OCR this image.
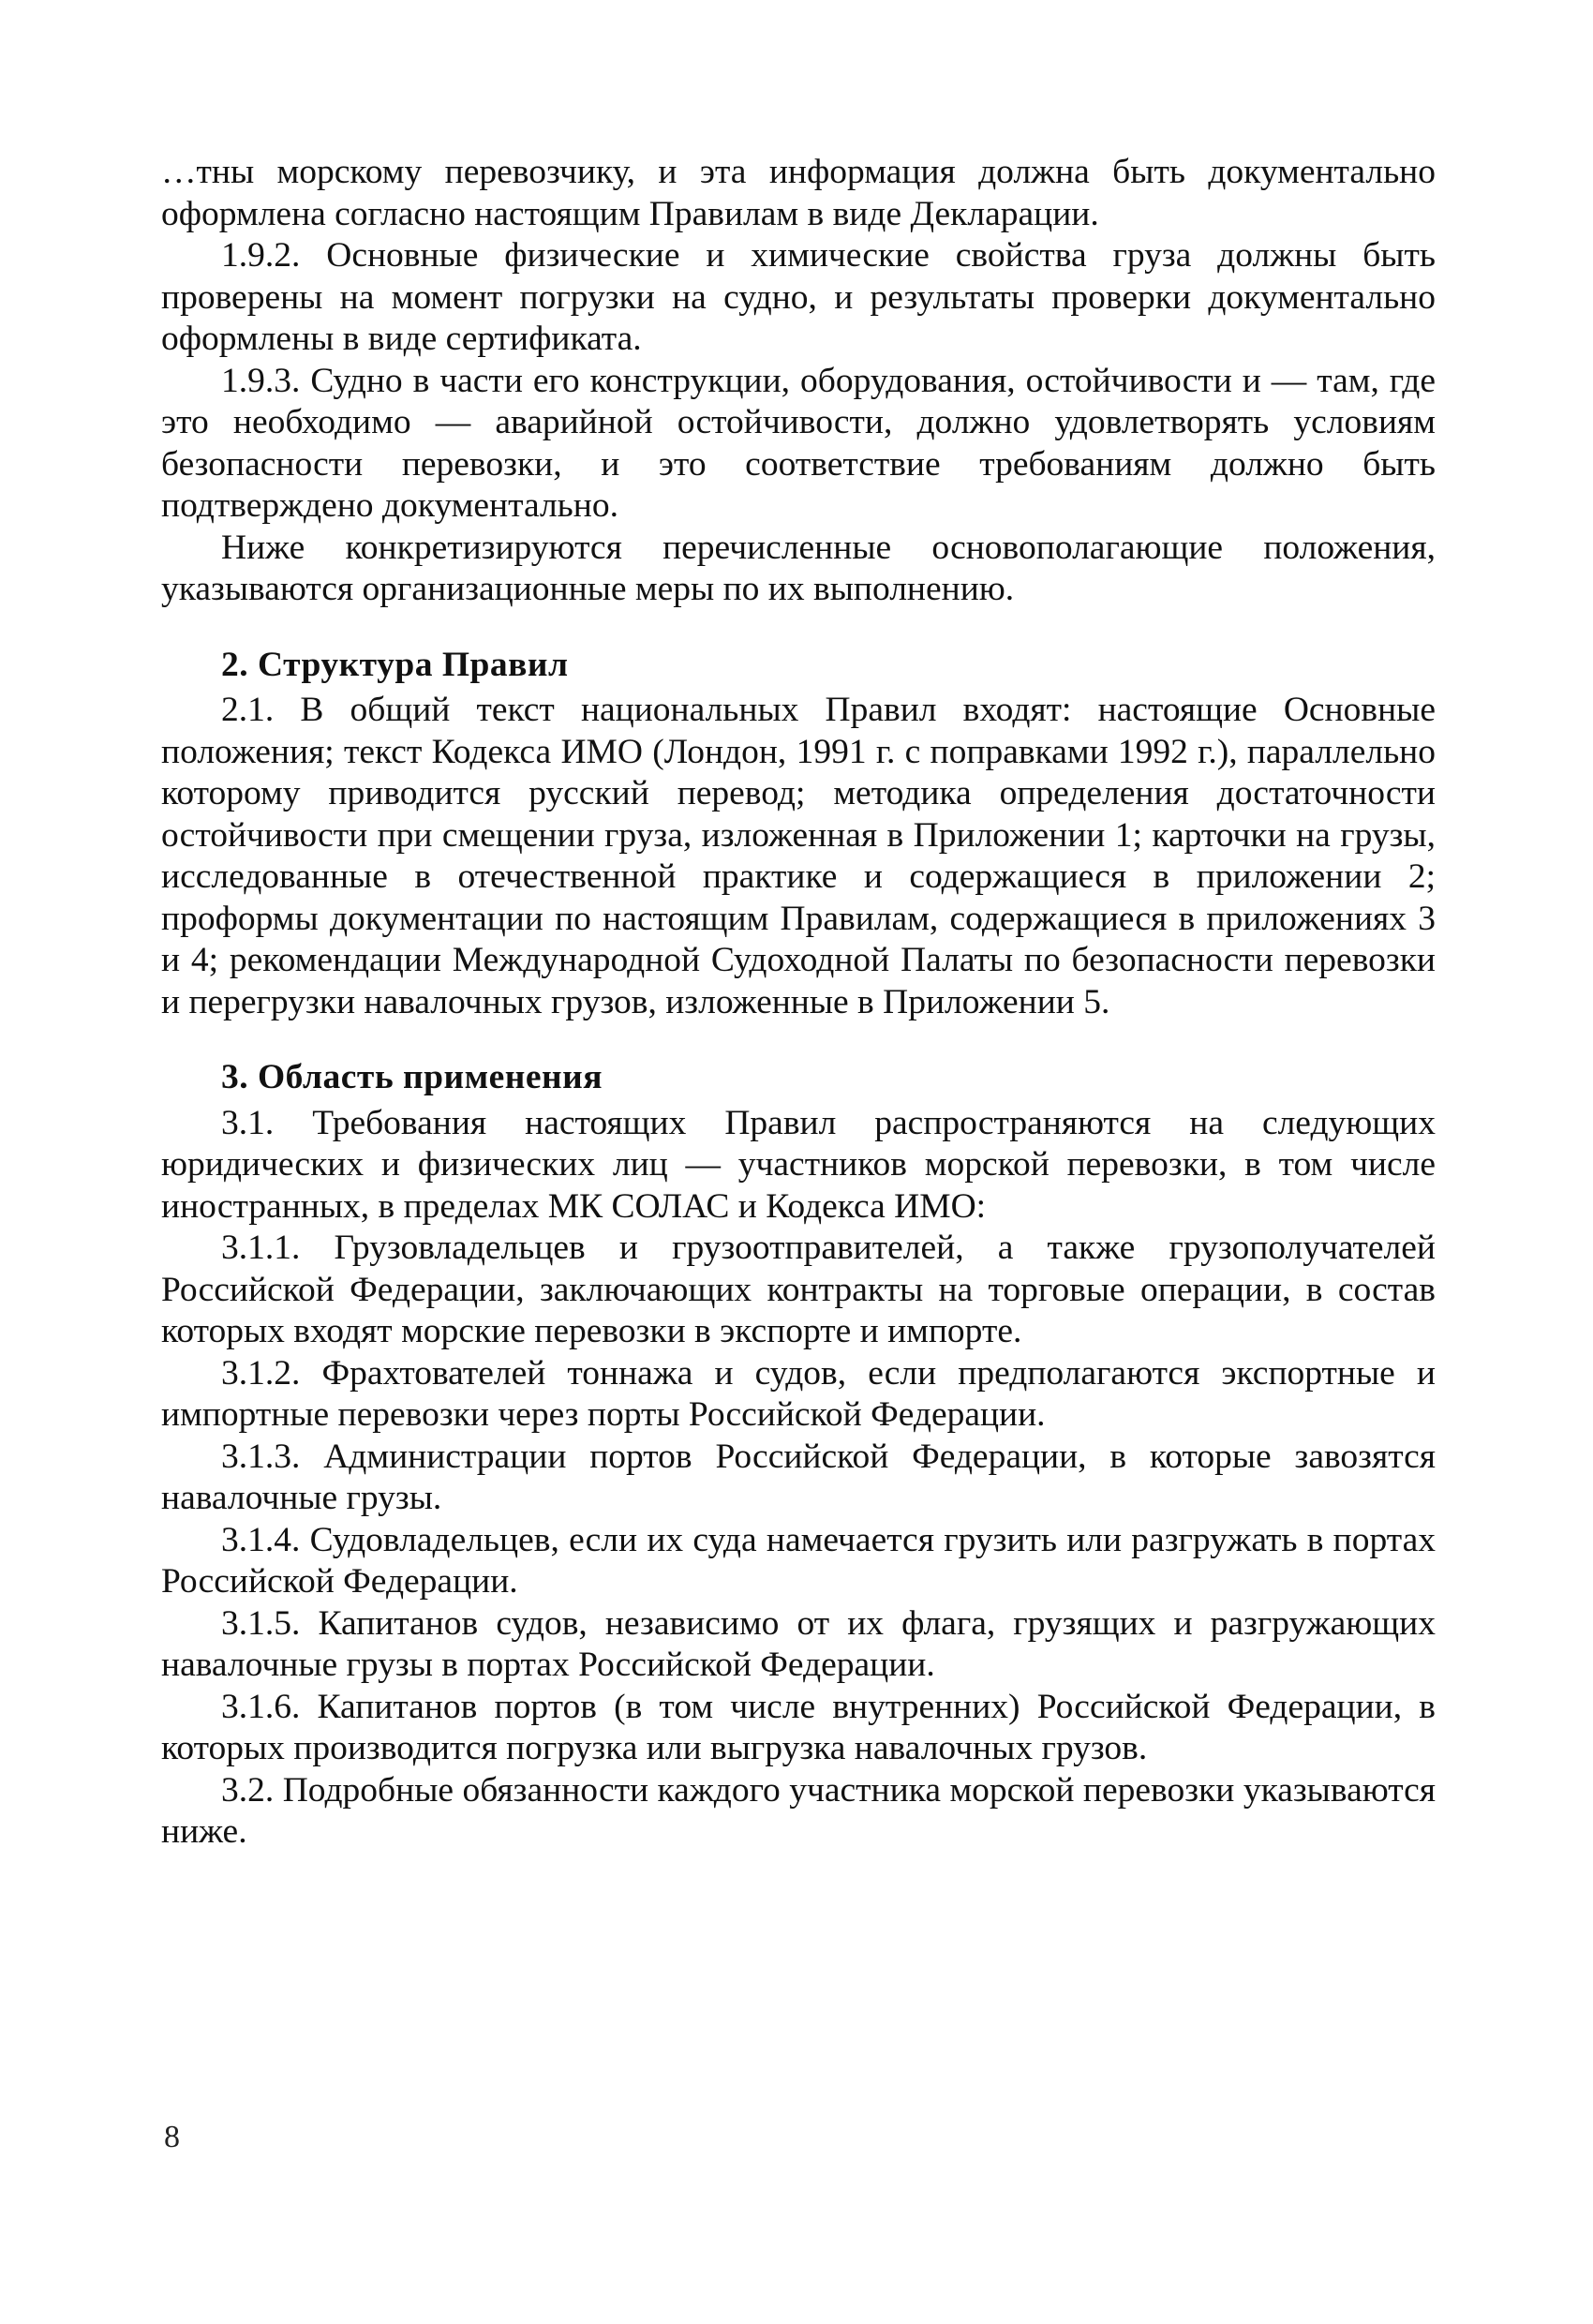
…тны морскому перевозчику, и эта информация должна быть документально оформлена согласно настоящим Правилам в виде Декларации.

1.9.2. Основные физические и химические свойства груза должны быть проверены на момент погрузки на судно, и результаты проверки документально оформлены в виде сертификата.

1.9.3. Судно в части его конструкции, оборудования, остойчивости и — там, где это необходимо — аварийной остойчивости, должно удовлетворять условиям безопасности перевозки, и это соответствие требованиям должно быть подтверждено документально.

Ниже конкретизируются перечисленные основополагающие положения, указываются организационные меры по их выполнению.

2. Структура Правил

2.1. В общий текст национальных Правил входят: настоящие Основные положения; текст Кодекса ИМО (Лондон, 1991 г. с поправками 1992 г.), параллельно которому приводится русский перевод; методика определения достаточности остойчивости при смещении груза, изложенная в Приложении 1; карточки на грузы, исследованные в отечественной практике и содержащиеся в приложении 2; проформы документации по настоящим Правилам, содержащиеся в приложениях 3 и 4; рекомендации Международной Судоходной Палаты по безопасности перевозки и перегрузки навалочных грузов, изложенные в Приложении 5.

3. Область применения

3.1. Требования настоящих Правил распространяются на следующих юридических и физических лиц — участников морской перевозки, в том числе иностранных, в пределах МК СОЛАС и Кодекса ИМО:

3.1.1. Грузовладельцев и грузоотправителей, а также грузополучателей Российской Федерации, заключающих контракты на торговые операции, в состав которых входят морские перевозки в экспорте и импорте.

3.1.2. Фрахтователей тоннажа и судов, если предполагаются экспортные и импортные перевозки через порты Российской Федерации.

3.1.3. Администрации портов Российской Федерации, в которые завозятся навалочные грузы.

3.1.4. Судовладельцев, если их суда намечается грузить или разгружать в портах Российской Федерации.

3.1.5. Капитанов судов, независимо от их флага, грузящих и разгружающих навалочные грузы в портах Российской Федерации.

3.1.6. Капитанов портов (в том числе внутренних) Российской Федерации, в которых производится погрузка или выгрузка навалочных грузов.

3.2. Подробные обязанности каждого участника морской перевозки указываются ниже.

8
